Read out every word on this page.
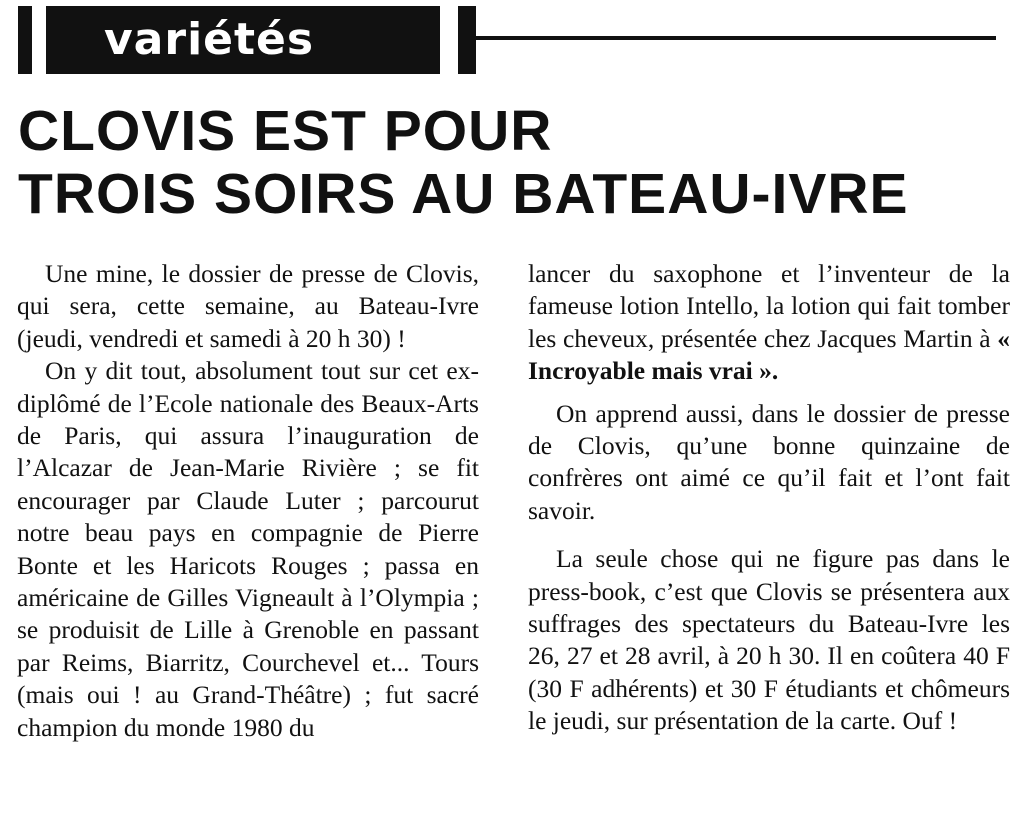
variétés
CLOVIS EST POUR
TROIS SOIRS AU BATEAU-IVRE

Une mine, le dossier de presse de Clovis, qui sera, cette semaine, au Bateau-Ivre (jeudi, vendredi et samedi à 20 h 30) !

On y dit tout, absolument tout sur cet ex-diplômé de l’Ecole nationale des Beaux-Arts de Paris, qui assura l’inauguration de l’Alcazar de Jean-Marie Rivière ; se fit encourager par Claude Luter ; parcourut notre beau pays en compagnie de Pierre Bonte et les Haricots Rouges ; passa en américaine de Gilles Vigneault à l’Olympia ; se produisit de Lille à Grenoble en passant par Reims, Biarritz, Courchevel et... Tours (mais oui ! au Grand-Théâtre) ; fut sacré champion du monde 1980 du

lancer du saxophone et l’inventeur de la fameuse lotion Intello, la lotion qui fait tomber les cheveux, présentée chez Jacques Martin à « Incroyable mais vrai ».

On apprend aussi, dans le dossier de presse de Clovis, qu’une bonne quinzaine de confrères ont aimé ce qu’il fait et l’ont fait savoir.

La seule chose qui ne figure pas dans le press-book, c’est que Clovis se présentera aux suffrages des spectateurs du Bateau-Ivre les 26, 27 et 28 avril, à 20 h 30. Il en coûtera 40 F (30 F adhérents) et 30 F étudiants et chômeurs le jeudi, sur présentation de la carte. Ouf !
